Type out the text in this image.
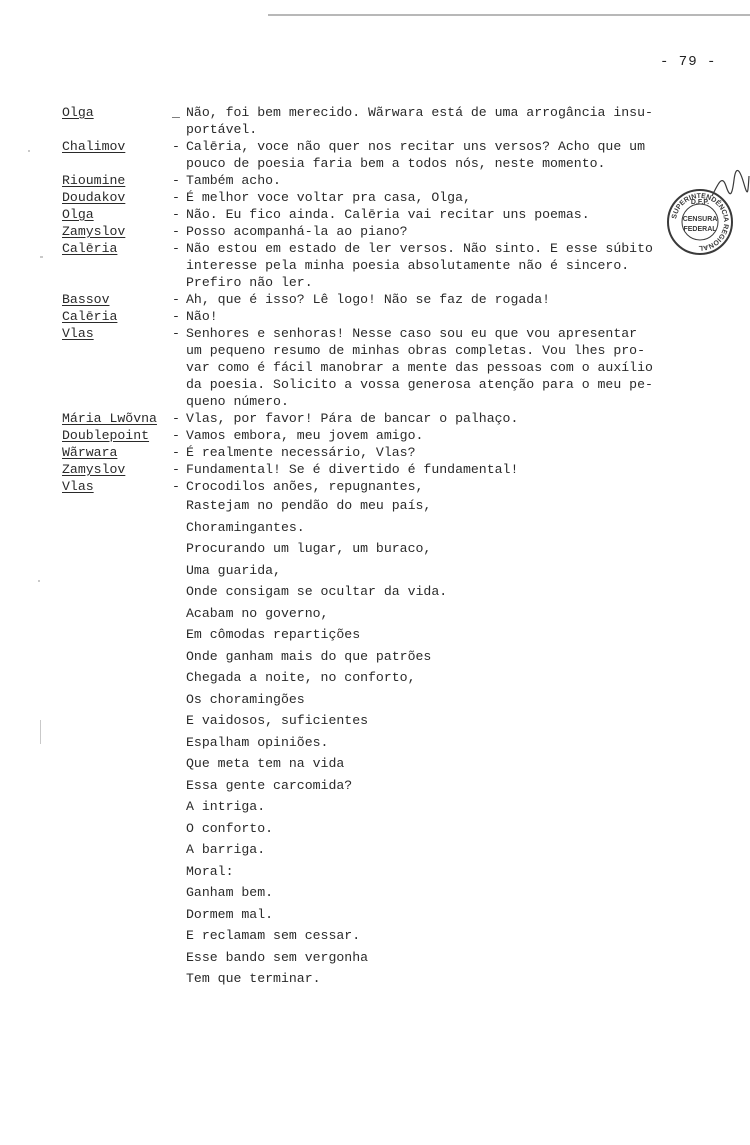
- 79 -
Olga	_ Não, foi bem merecido. Wãrwara está de uma arrogância insu-
portável.
Chalimov	- Calēria, voce não quer nos recitar uns versos? Acho que um
pouco de poesia faria bem a todos nós, neste momento.
Rioumine	- Também acho.
Doudakov	- É melhor voce voltar pra casa, Olga,
Olga	- Não. Eu fico ainda. Calēria vai recitar uns poemas.
Zamyslov	- Posso acompanhá-la ao piano?
Calēria	- Não estou em estado de ler versos. Não sinto. E esse súbito
interesse pela minha poesia absolutamente não é sincero.
Prefiro não ler.
Bassov	- Ah, que é isso? Lê logo! Não se faz de rogada!
Calēria	- Não!
Vlas	- Senhores e senhoras! Nesse caso sou eu que vou apresentar
um pequeno resumo de minhas obras completas. Vou lhes pro-
var como é fácil manobrar a mente das pessoas com o auxílio
da poesia. Solicito a vossa generosa atenção para o meu pe-
queno número.
Mária Lwõvna - Vlas, por favor! Pára de bancar o palhaço.
Doublepoint - Vamos embora, meu jovem amigo.
Wãrwara	- É realmente necessário, Vlas?
Zamyslov	- Fundamental! Se é divertido é fundamental!
Vlas	- Crocodilos anões, repugnantes,
Rastejam no pendão do meu país,
Choramingantes.
Procurando um lugar, um buraco,
Uma guarida,
Onde consigam se ocultar da vida.
Acabam no governo,
Em cômodas repartições
Onde ganham mais do que patrões
Chegada a noite, no conforto,
Os choramingões
E vaidosos, suficientes
Espalham opiniões.
Que meta tem na vida
Essa gente carcomida?
A intriga.
O conforto.
A barriga.
Moral:
Ganham bem.
Dormem mal.
E reclamam sem cessar.
Esse bando sem vergonha
Tem que terminar.
SUPERINTENDÊNCIA REGIONAL
D.F.P.
CENSURA
FEDERAL
